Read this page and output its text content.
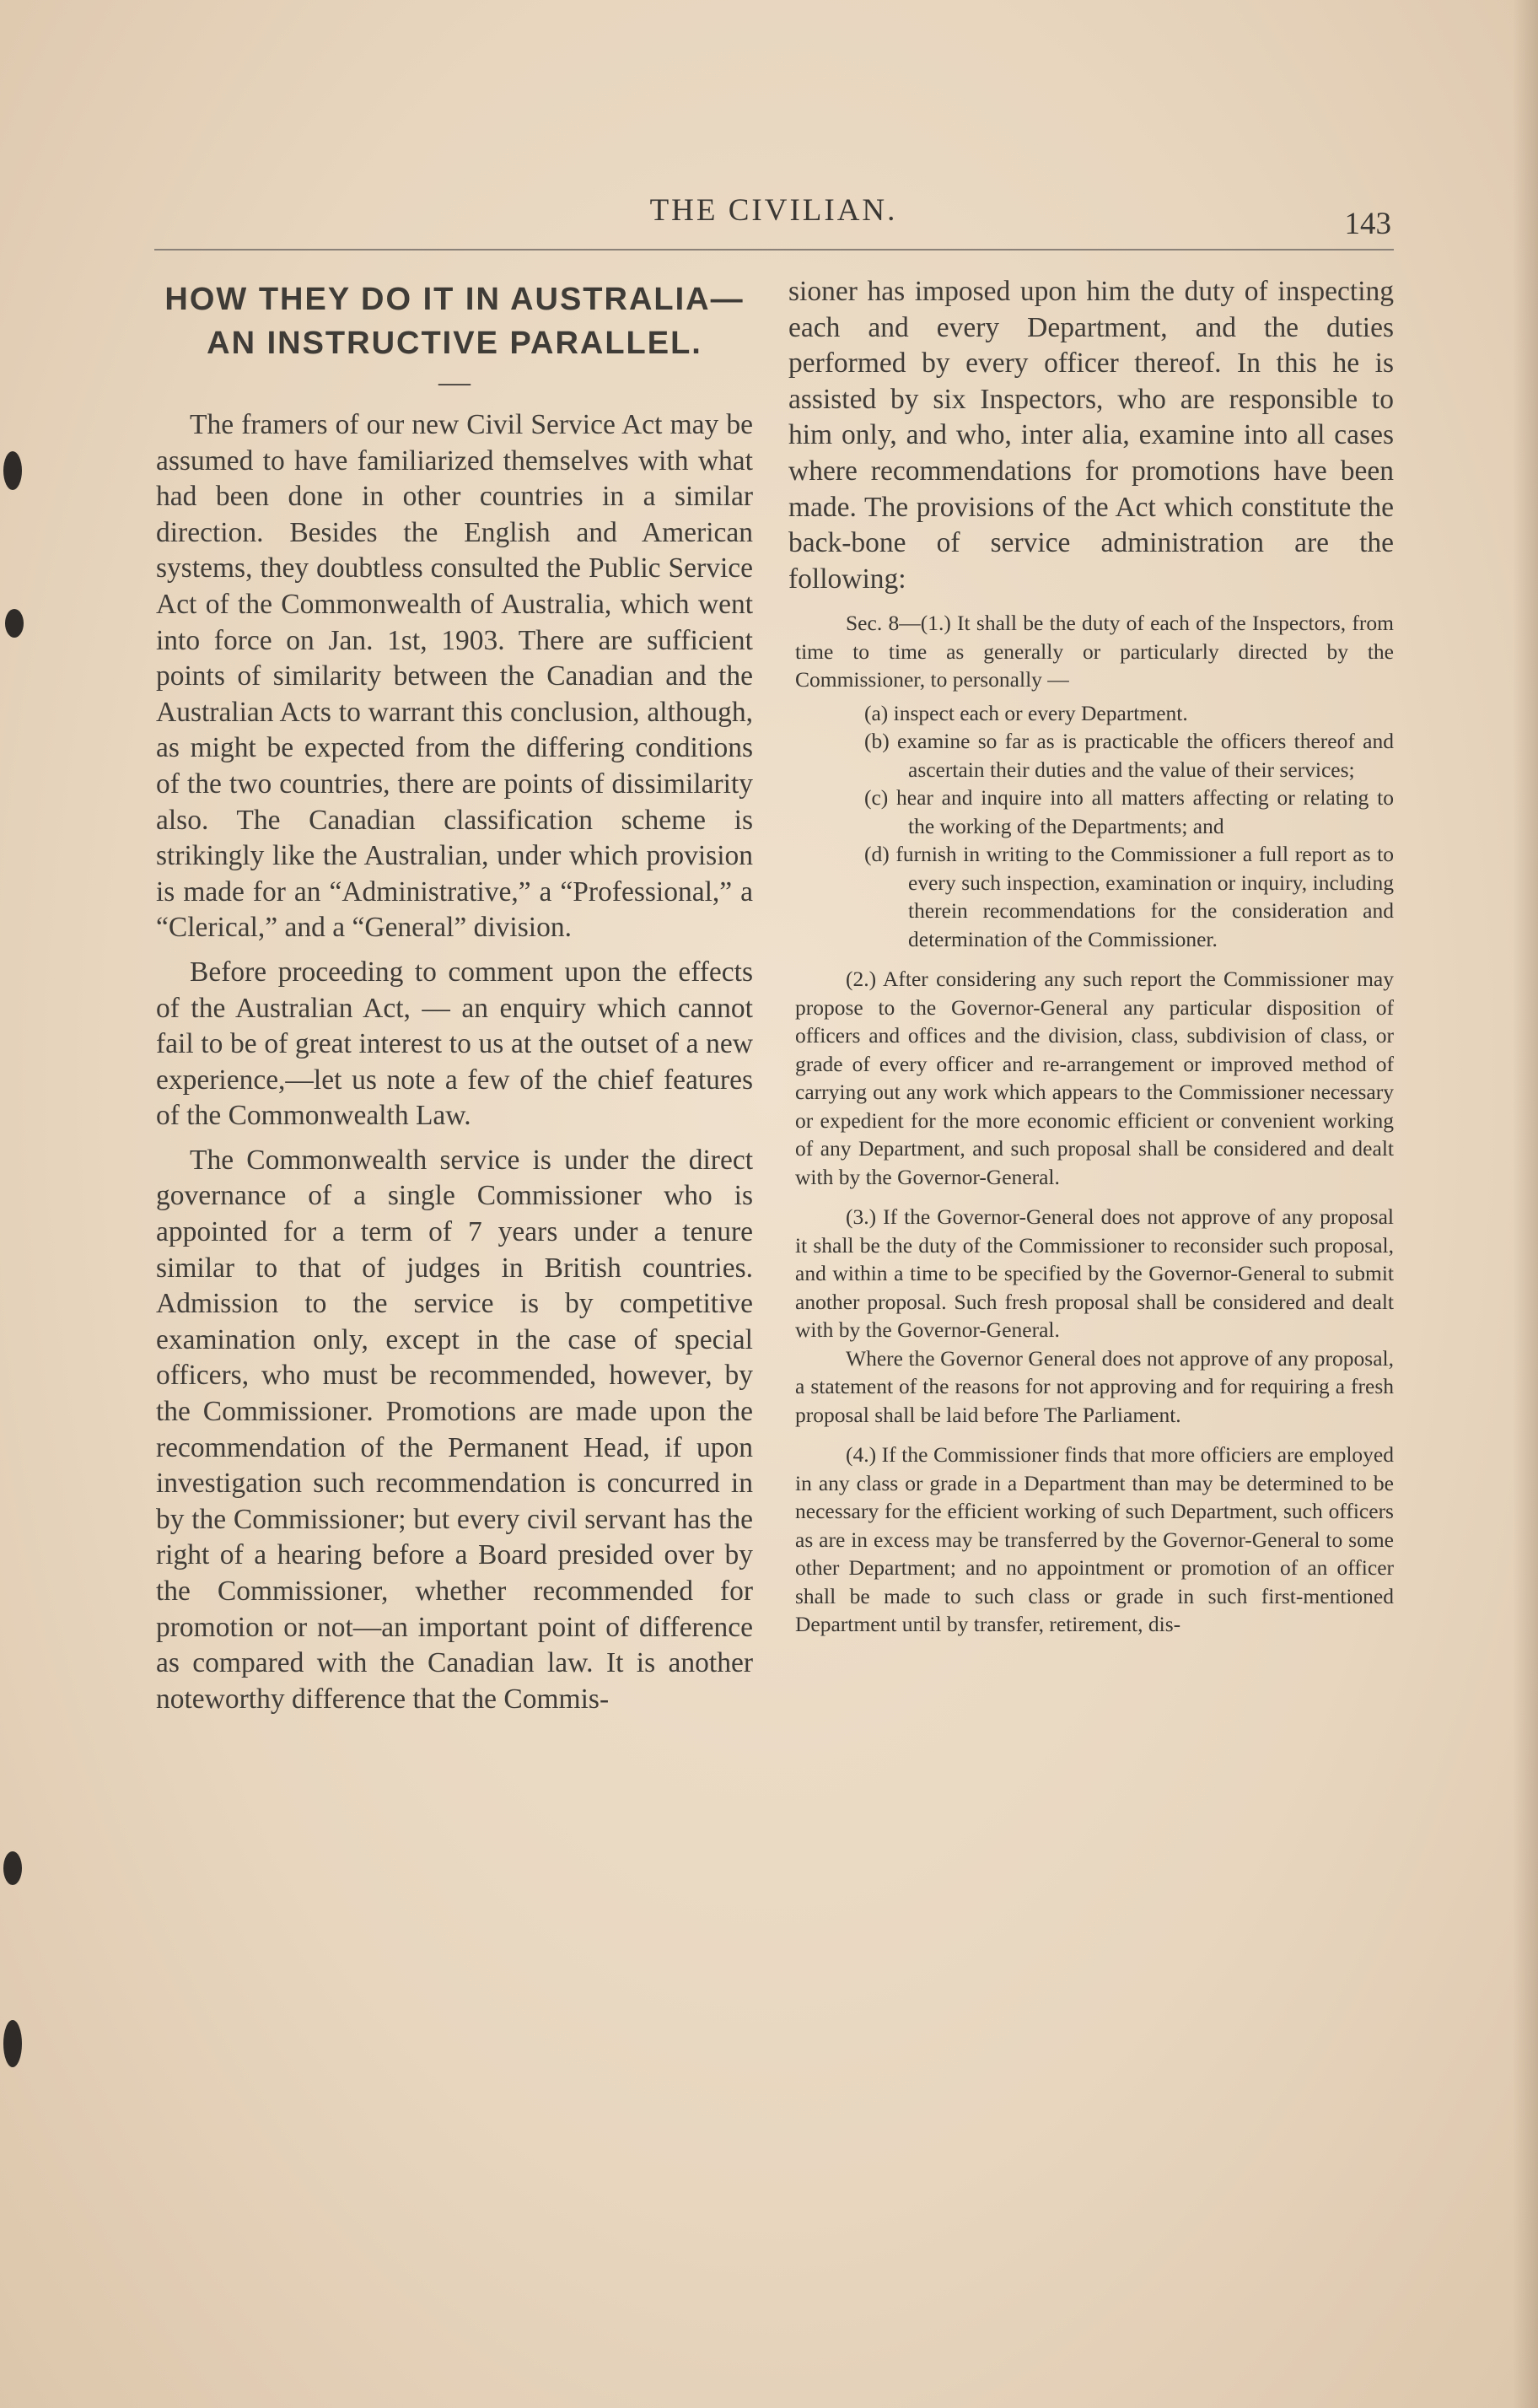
THE CIVILIAN.	143
HOW THEY DO IT IN AUSTRALIA—AN INSTRUCTIVE PARALLEL.
—

The framers of our new Civil Service Act may be assumed to have familiarized themselves with what had been done in other countries in a similar direction. Besides the English and American systems, they doubtless consulted the Public Service Act of the Commonwealth of Australia, which went into force on Jan. 1st, 1903. There are sufficient points of similarity between the Canadian and the Australian Acts to warrant this conclusion, although, as might be expected from the differing conditions of the two countries, there are points of dissimilarity also. The Canadian classification scheme is strikingly like the Australian, under which provision is made for an “Administrative,” a “Professional,” a “Clerical,” and a “General” division.

Before proceeding to comment upon the effects of the Australian Act, — an enquiry which cannot fail to be of great interest to us at the outset of a new experience,—let us note a few of the chief features of the Commonwealth Law.

The Commonwealth service is under the direct governance of a single Commissioner who is appointed for a term of 7 years under a tenure similar to that of judges in British countries. Admission to the service is by competitive examination only, except in the case of special officers, who must be recommended, however, by the Commissioner. Promotions are made upon the recommendation of the Permanent Head, if upon investigation such recommendation is concurred in by the Commissioner; but every civil servant has the right of a hearing before a Board presided over by the Commissioner, whether recommended for promotion or not—an important point of difference as compared with the Canadian law. It is another noteworthy difference that the Commis-

sioner has imposed upon him the duty of inspecting each and every Department, and the duties performed by every officer thereof. In this he is assisted by six Inspectors, who are responsible to him only, and who, inter alia, examine into all cases where recommendations for promotions have been made. The provisions of the Act which constitute the back-bone of service administration are the following:

Sec. 8—(1.) It shall be the duty of each of the Inspectors, from time to time as generally or particularly directed by the Commissioner, to personally —

(a) inspect each or every Department.
(b) examine so far as is practicable the officers thereof and ascertain their duties and the value of their services;
(c) hear and inquire into all matters affecting or relating to the working of the Departments; and
(d) furnish in writing to the Commissioner a full report as to every such inspection, examination or inquiry, including therein recommendations for the consideration and determination of the Commissioner.

(2.) After considering any such report the Commissioner may propose to the Governor-General any particular disposition of officers and offices and the division, class, subdivision of class, or grade of every officer and re-arrangement or improved method of carrying out any work which appears to the Commissioner necessary or expedient for the more economic efficient or convenient working of any Department, and such proposal shall be considered and dealt with by the Governor-General.

(3.) If the Governor-General does not approve of any proposal it shall be the duty of the Commissioner to reconsider such proposal, and within a time to be specified by the Governor-General to submit another proposal. Such fresh proposal shall be considered and dealt with by the Governor-General.

Where the Governor General does not approve of any proposal, a statement of the reasons for not approving and for requiring a fresh proposal shall be laid before The Parliament.

(4.) If the Commissioner finds that more officiers are employed in any class or grade in a Department than may be determined to be necessary for the efficient working of such Department, such officers as are in excess may be transferred by the Governor-General to some other Department; and no appointment or promotion of an officer shall be made to such class or grade in such first-mentioned Department until by transfer, retirement, dis-
